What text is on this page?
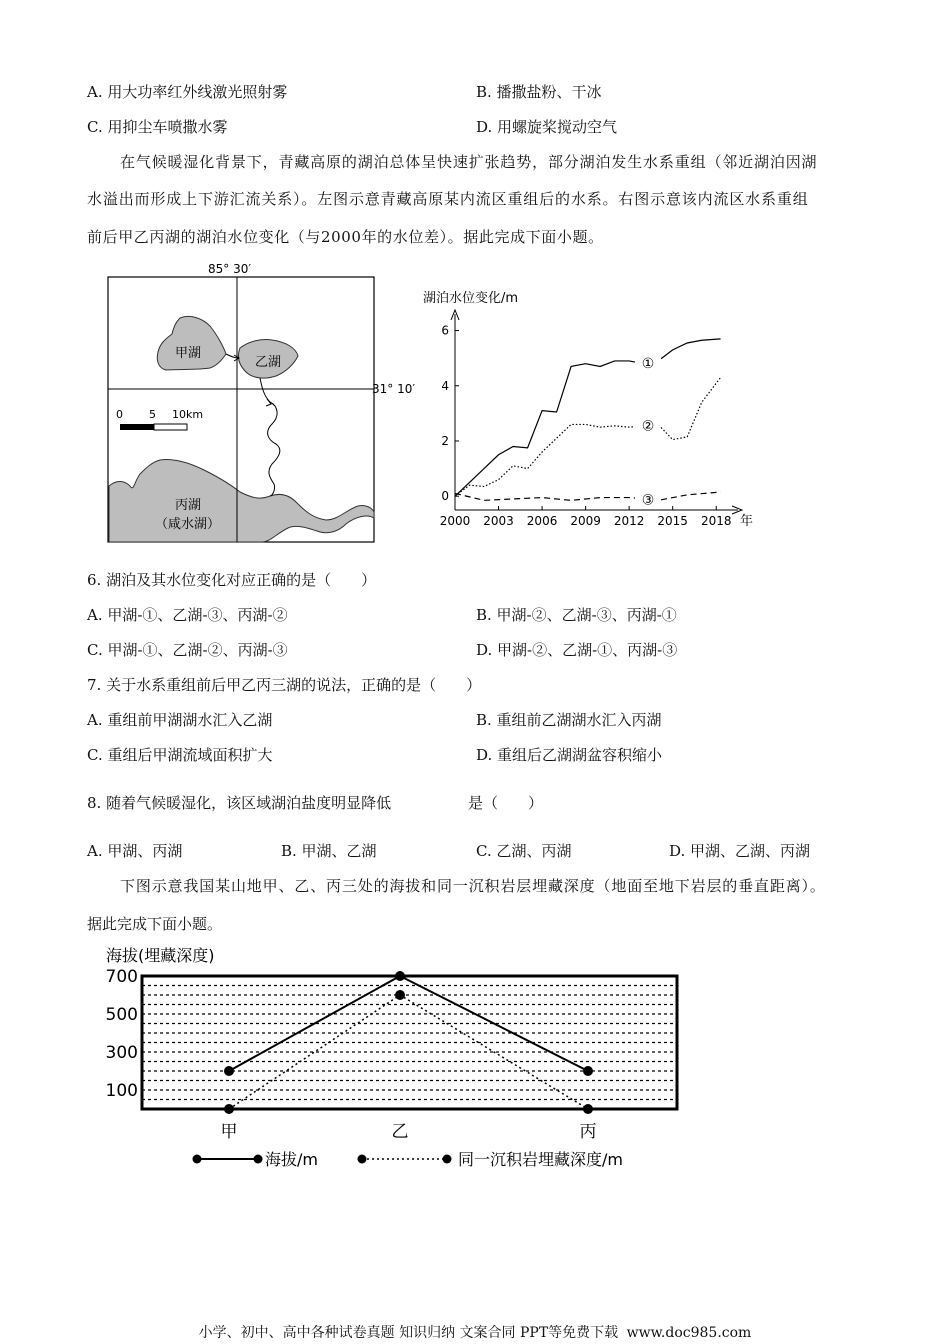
A. 用大功率红外线激光照射雾	B. 播撒盐粉、干冰
C. 用抑尘车喷撒水雾	D. 用螺旋桨搅动空气
在气候暖湿化背景下，青藏高原的湖泊总体呈快速扩张趋势，部分湖泊发生水系重组（邻近湖泊因湖
水溢出而形成上下游汇流关系）。左图示意青藏高原某内流区重组后的水系。右图示意该内流区水系重组
前后甲乙丙湖的湖泊水位变化（与2000年的水位差）。据此完成下面小题。
85° 30′
31° 10′
甲湖
乙湖
丙湖
（咸水湖）
0 5 10km
湖泊水位变化/m
0
2
4
6
2000 2003 2006 2009 2012 2015 2018
①
②
③
年
6. 湖泊及其水位变化对应正确的是（　　）
A. 甲湖-①、乙湖-③、丙湖-②	B. 甲湖-②、乙湖-③、丙湖-①
C. 甲湖-①、乙湖-②、丙湖-③	D. 甲湖-②、乙湖-①、丙湖-③
7. 关于水系重组前后甲乙丙三湖的说法，正确的是（　　）
A. 重组前甲湖湖水汇入乙湖	B. 重组前乙湖湖水汇入丙湖
C. 重组后甲湖流域面积扩大	D. 重组后乙湖湖盆容积缩小
8. 随着气候暖湿化，该区域湖泊盐度明显降低	是（　　）
A. 甲湖、丙湖	B. 甲湖、乙湖	C. 乙湖、丙湖	D. 甲湖、乙湖、丙湖
下图示意我国某山地甲、乙、丙三处的海拔和同一沉积岩层埋藏深度（地面至地下岩层的垂直距离）。
据此完成下面小题。
海拔(埋藏深度)
100
300
500
700
甲	乙	丙
海拔/m	同一沉积岩埋藏深度/m
小学、初中、高中各种试卷真题 知识归纳 文案合同 PPT等免费下载 www.doc985.com
